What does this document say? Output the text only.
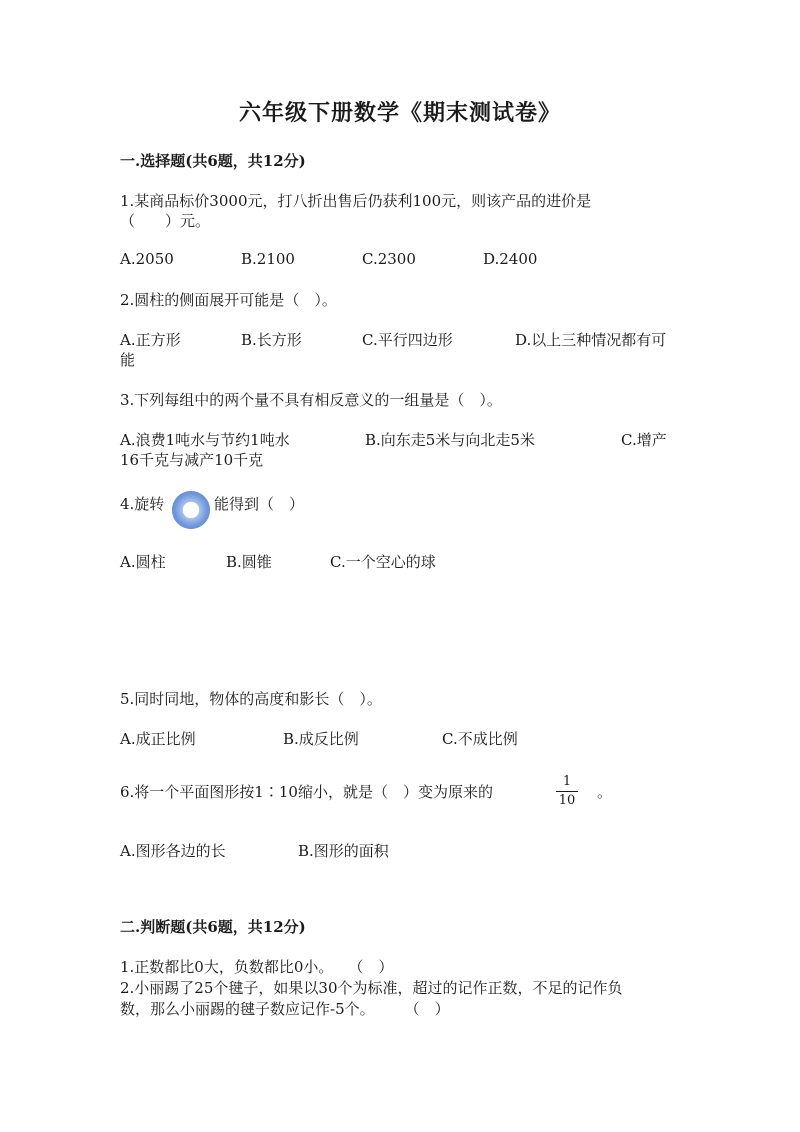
六年级下册数学《期末测试卷》
一.选择题(共6题，共12分)
1.某商品标价3000元，打八折出售后仍获利100元，则该产品的进价是
（　　）元。
A.2050	B.2100	C.2300	D.2400
2.圆柱的侧面展开可能是（　）。
A.正方形	B.长方形	C.平行四边形	D.以上三种情况都有可
能
3.下列每组中的两个量不具有相反意义的一组量是（　）。
A.浪费1吨水与节约1吨水	B.向东走5米与向北走5米	C.增产
16千克与减产10千克
4.旋转	能得到（　）
A.圆柱	B.圆锥	C.一个空心的球
5.同时同地，物体的高度和影长（　）。
A.成正比例	B.成反比例	C.不成比例
6.将一个平面图形按1∶10缩小，就是（　）变为原来的
1
10 。
A.图形各边的长	B.图形的面积
二.判断题(共6题，共12分)
1.正数都比0大，负数都比0小。　　（　）
2.小丽踢了25个毽子，如果以30个为标准，超过的记作正数，不足的记作负
数，那么小丽踢的毽子数应记作-5个。　　　（　）
